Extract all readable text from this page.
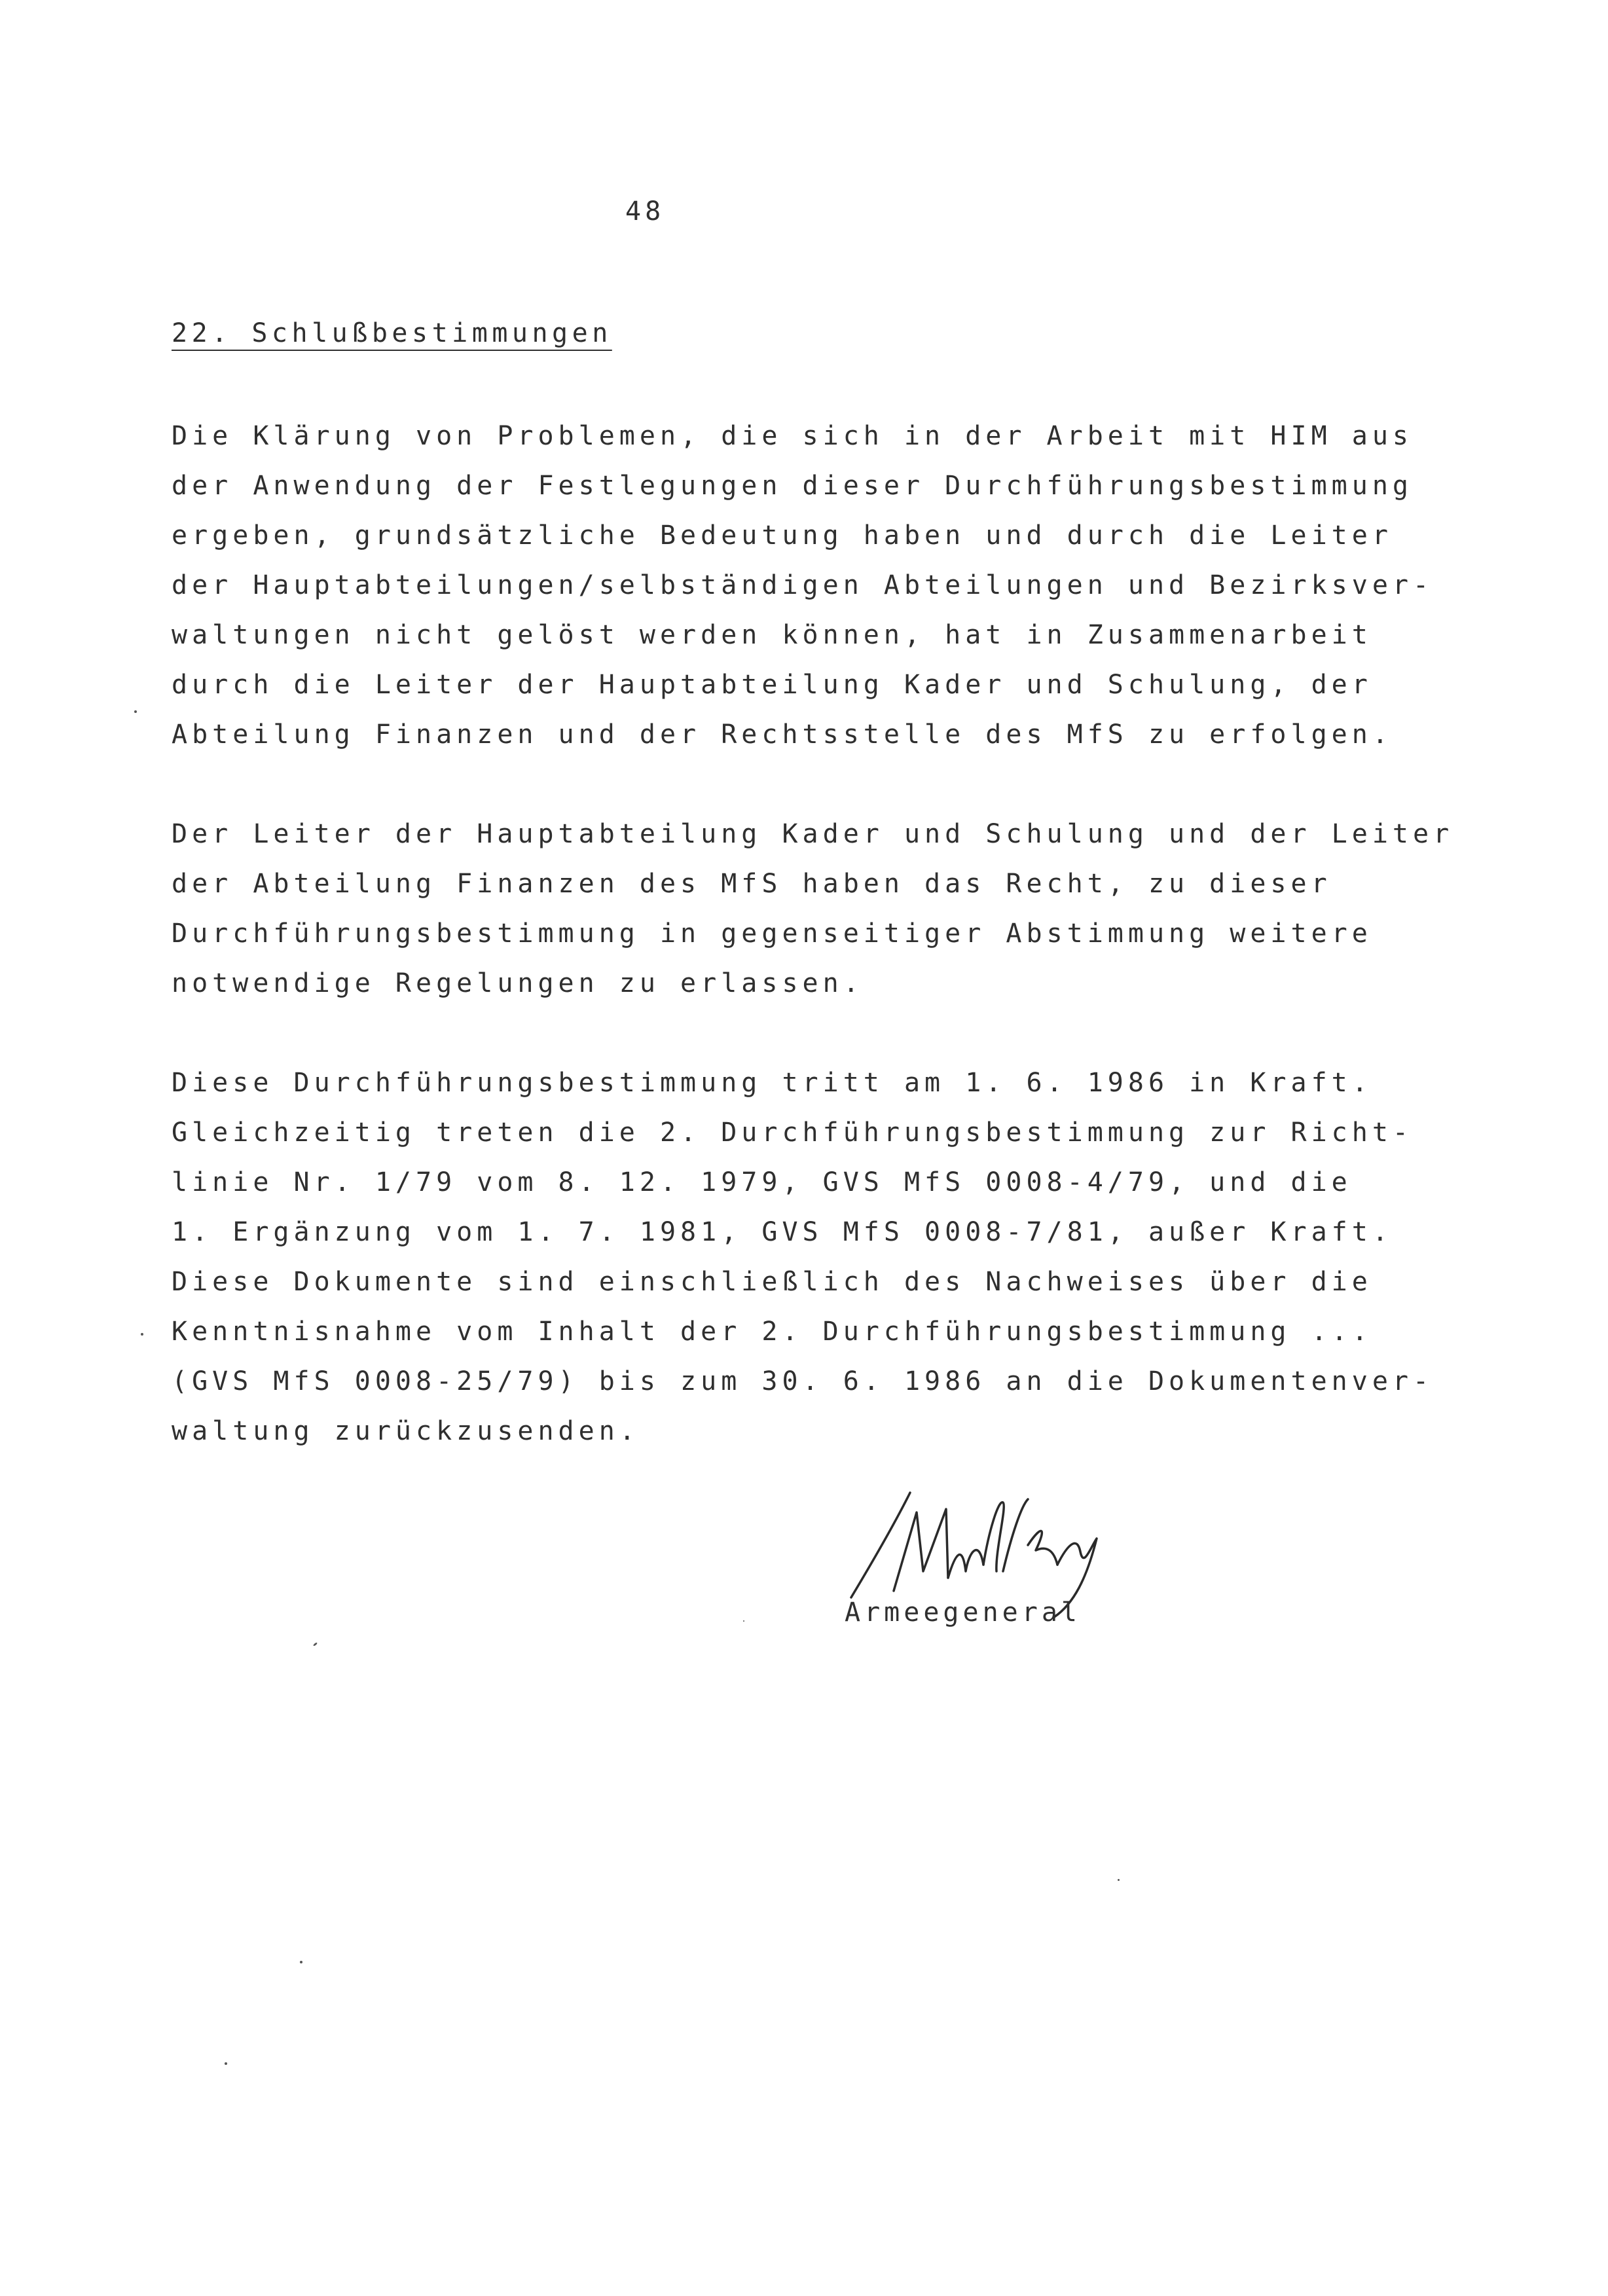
48
22. Schlußbestimmungen

Die Klärung von Problemen, die sich in der Arbeit mit HIM aus
der Anwendung der Festlegungen dieser Durchführungsbestimmung
ergeben, grundsätzliche Bedeutung haben und durch die Leiter
der Hauptabteilungen/selbständigen Abteilungen und Bezirksver-
waltungen nicht gelöst werden können, hat in Zusammenarbeit
durch die Leiter der Hauptabteilung Kader und Schulung, der
Abteilung Finanzen und der Rechtsstelle des MfS zu erfolgen.

Der Leiter der Hauptabteilung Kader und Schulung und der Leiter
der Abteilung Finanzen des MfS haben das Recht, zu dieser
Durchführungsbestimmung in gegenseitiger Abstimmung weitere
notwendige Regelungen zu erlassen.

Diese Durchführungsbestimmung tritt am 1. 6. 1986 in Kraft.
Gleichzeitig treten die 2. Durchführungsbestimmung zur Richt-
linie Nr. 1/79 vom 8. 12. 1979, GVS MfS 0008-4/79, und die
1. Ergänzung vom 1. 7. 1981, GVS MfS 0008-7/81, außer Kraft.
Diese Dokumente sind einschließlich des Nachweises über die
Kenntnisnahme vom Inhalt der 2. Durchführungsbestimmung ...
(GVS MfS 0008-25/79) bis zum 30. 6. 1986 an die Dokumentenver-
waltung zurückzusenden.

Armeegeneral
